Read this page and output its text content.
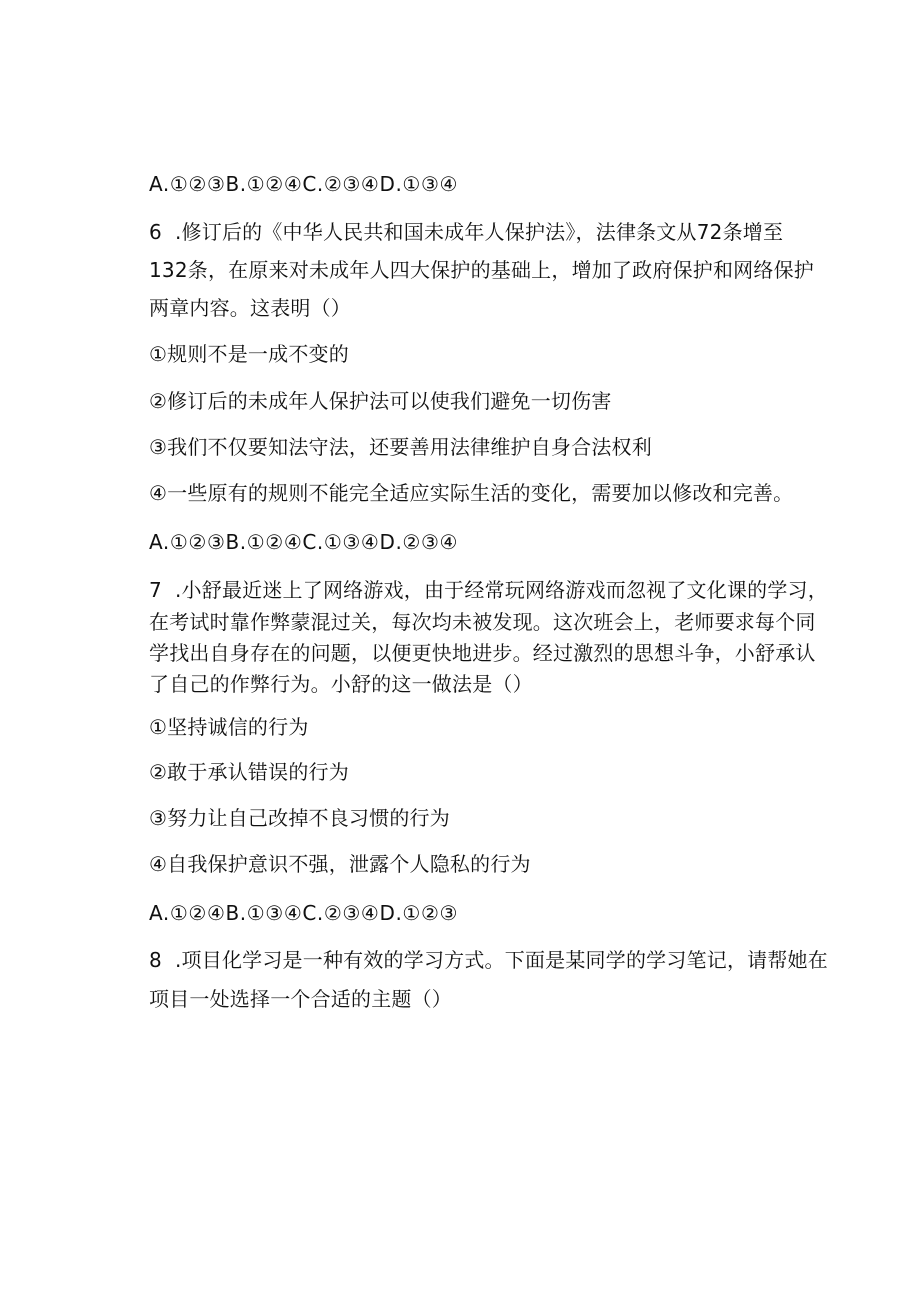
A.①②③B.①②④C.②③④D.①③④
6 .修订后的《中华人民共和国未成年人保护法》，法律条文从72条增至
132条，在原来对未成年人四大保护的基础上，增加了政府保护和网络保护
两章内容。这表明（）
①规则不是一成不变的
②修订后的未成年人保护法可以使我们避免一切伤害
③我们不仅要知法守法，还要善用法律维护自身合法权利
④一些原有的规则不能完全适应实际生活的变化，需要加以修改和完善。
A.①②③B.①②④C.①③④D.②③④
7 .小舒最近迷上了网络游戏，由于经常玩网络游戏而忽视了文化课的学习，
在考试时靠作弊蒙混过关，每次均未被发现。这次班会上，老师要求每个同
学找出自身存在的问题，以便更快地进步。经过激烈的思想斗争，小舒承认
了自己的作弊行为。小舒的这一做法是（）
①坚持诚信的行为
②敢于承认错误的行为
③努力让自己改掉不良习惯的行为
④自我保护意识不强，泄露个人隐私的行为
A.①②④B.①③④C.②③④D.①②③
8 .项目化学习是一种有效的学习方式。下面是某同学的学习笔记，请帮她在
项目一处选择一个合适的主题（）
